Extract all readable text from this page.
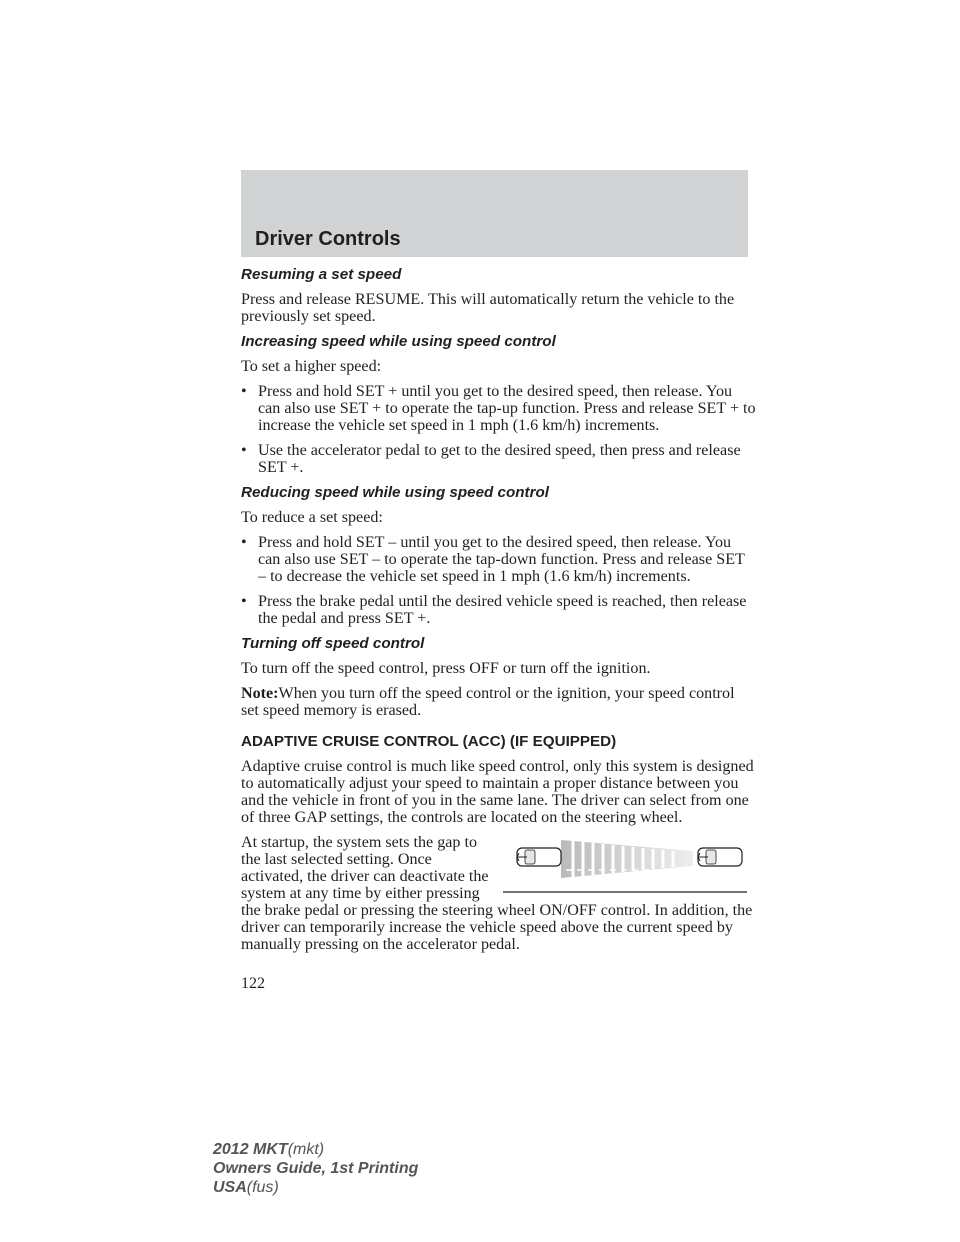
Driver Controls
Resuming a set speed

Press and release RESUME. This will automatically return the vehicle to the previously set speed.

Increasing speed while using speed control

To set a higher speed:

• Press and hold SET + until you get to the desired speed, then release. You can also use SET + to operate the tap-up function. Press and release SET + to increase the vehicle set speed in 1 mph (1.6 km/h) increments.
• Use the accelerator pedal to get to the desired speed, then press and release SET +.
Reducing speed while using speed control

To reduce a set speed:

• Press and hold SET – until you get to the desired speed, then release. You can also use SET – to operate the tap-down function. Press and release SET – to decrease the vehicle set speed in 1 mph (1.6 km/h) increments.
• Press the brake pedal until the desired vehicle speed is reached, then release the pedal and press SET +.
Turning off speed control

To turn off the speed control, press OFF or turn off the ignition.

Note:When you turn off the speed control or the ignition, your speed control set speed memory is erased.

ADAPTIVE CRUISE CONTROL (ACC) (IF EQUIPPED)

Adaptive cruise control is much like speed control, only this system is designed to automatically adjust your speed to maintain a proper distance between you and the vehicle in front of you in the same lane. The driver can select from one of three GAP settings, the controls are located on the steering wheel.

At startup, the system sets the gap to the last selected setting. Once activated, the driver can deactivate the system at any time by either pressing the brake pedal or pressing the steering wheel ON/OFF control. In addition, the driver can temporarily increase the vehicle speed above the current speed by manually pressing on the accelerator pedal.

122
2012 MKT(mkt)
Owners Guide, 1st Printing
USA(fus)
